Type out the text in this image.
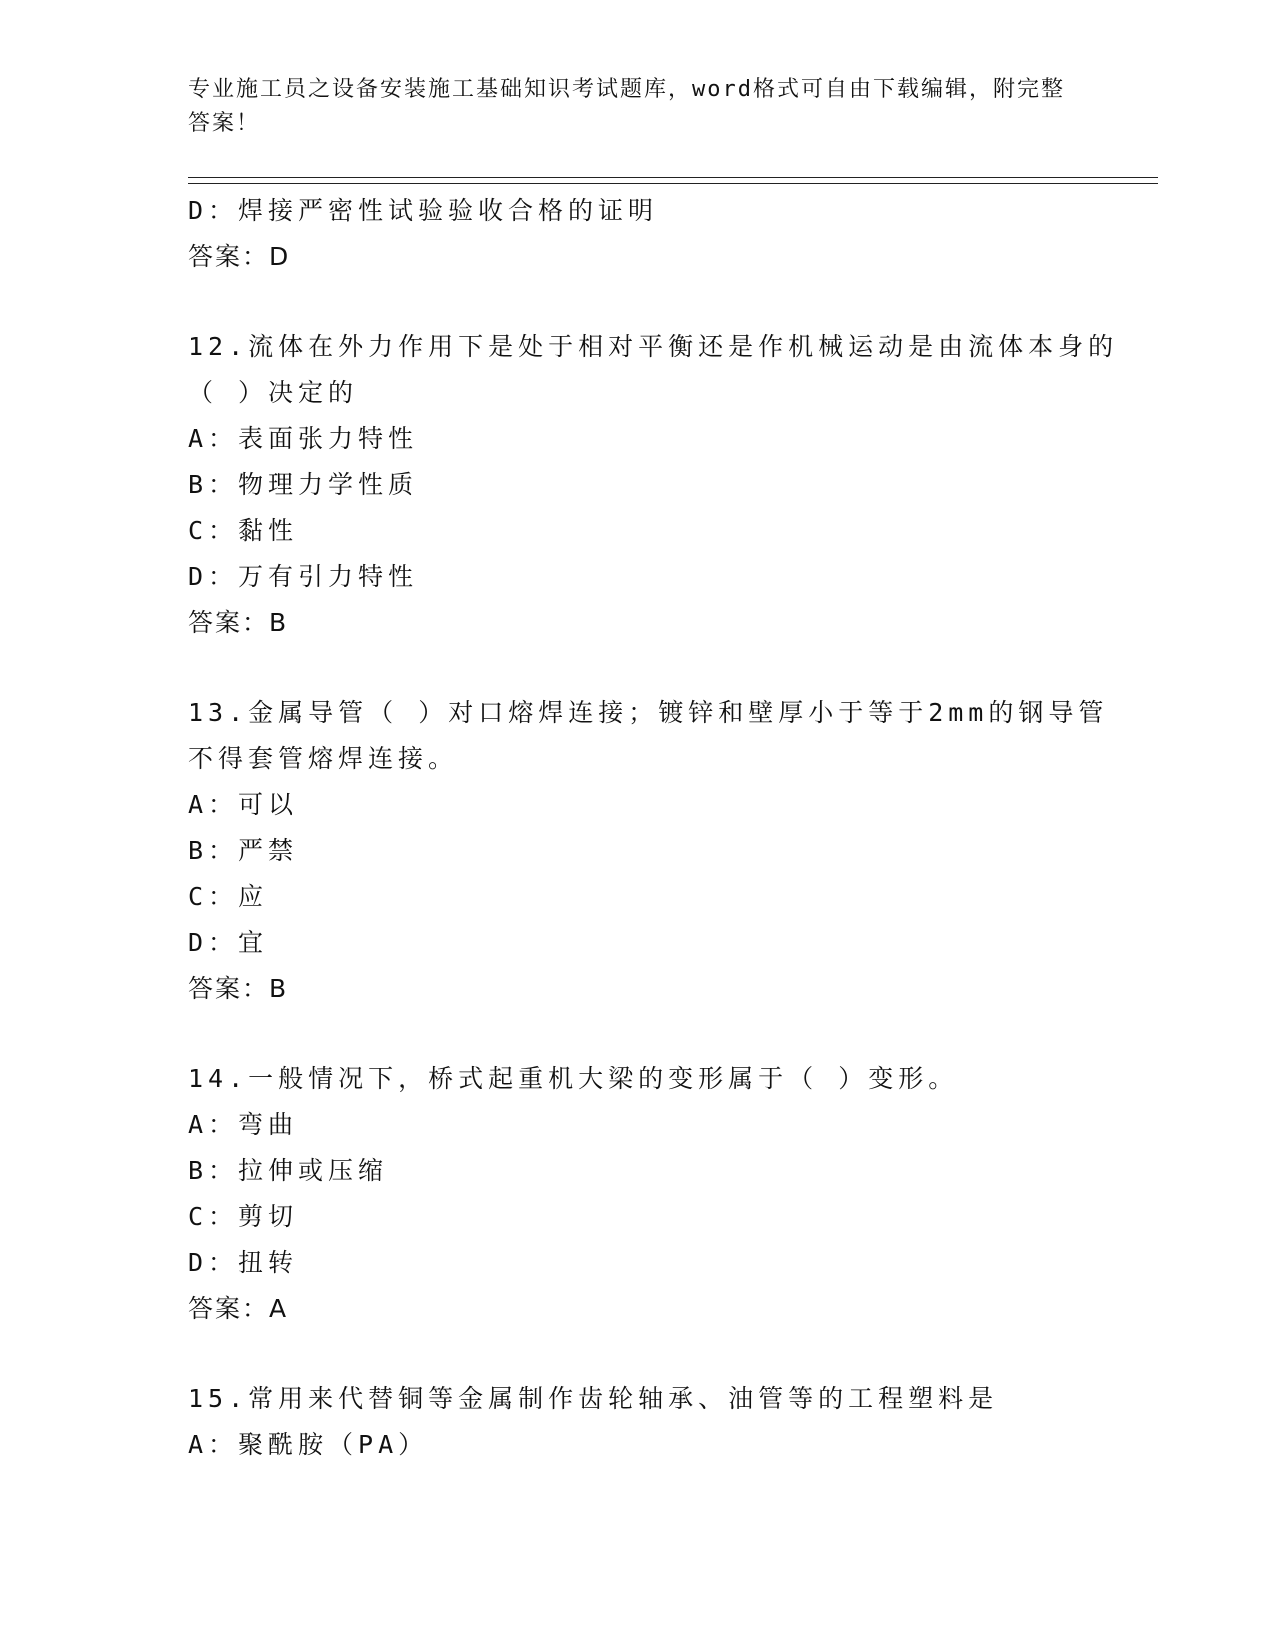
专业施工员之设备安装施工基础知识考试题库，word格式可自由下载编辑，附完整答案！
D：焊接严密性试验验收合格的证明
答案：D
12.流体在外力作用下是处于相对平衡还是作机械运动是由流体本身的
（ ）决定的
A：表面张力特性
B：物理力学性质
C：黏性
D：万有引力特性
答案：B
13.金属导管（ ）对口熔焊连接；镀锌和壁厚小于等于2mm的钢导管
不得套管熔焊连接。
A：可以
B：严禁
C：应
D：宜
答案：B
14.一般情况下，桥式起重机大梁的变形属于（ ）变形。
A：弯曲
B：拉伸或压缩
C：剪切
D：扭转
答案：A
15.常用来代替铜等金属制作齿轮轴承、油管等的工程塑料是
A：聚酰胺（PA）
